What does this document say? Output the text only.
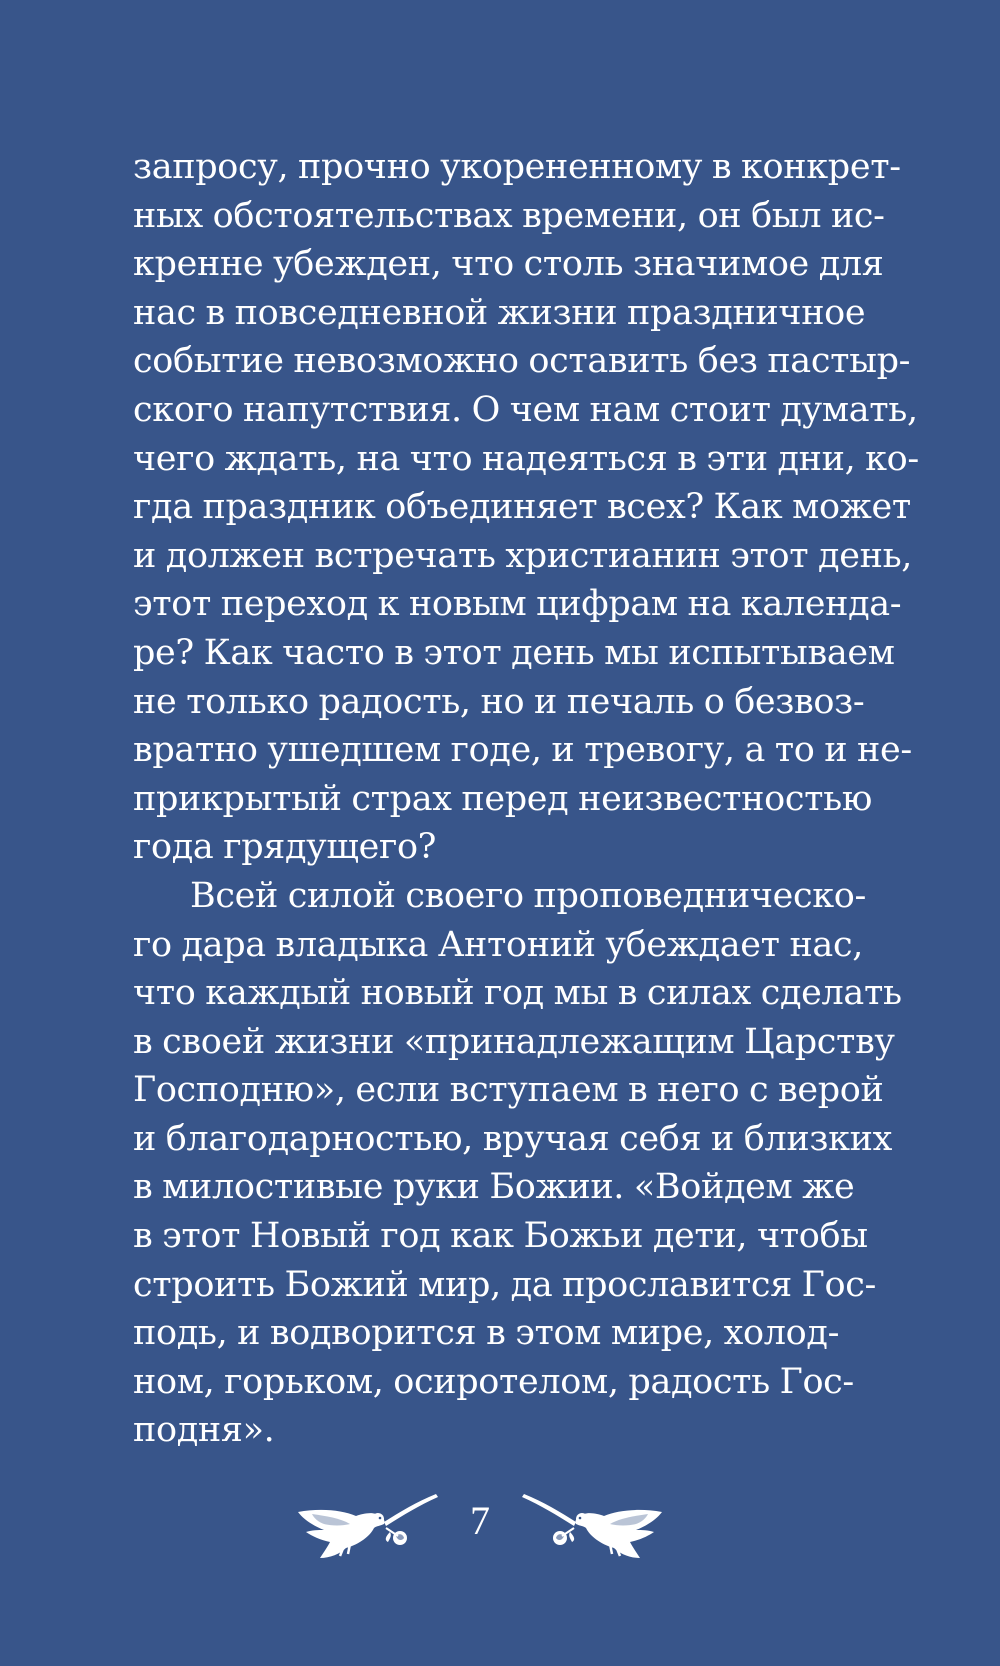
запросу, прочно укорененному в конкрет-
ных обстоятельствах времени, он был ис-
кренне убежден, что столь значимое для
нас в повседневной жизни праздничное
событие невозможно оставить без пастыр-
ского напутствия. О чем нам стоит думать,
чего ждать, на что надеяться в эти дни, ко-
гда праздник объединяет всех? Как может
и должен встречать христианин этот день,
этот переход к новым цифрам на календа-
ре? Как часто в этот день мы испытываем
не только радость, но и печаль о безвоз-
вратно ушедшем годе, и тревогу, а то и не-
прикрытый страх перед неизвестностью
года грядущего?
Всей силой своего проповедническо-
го дара владыка Антоний убеждает нас,
что каждый новый год мы в силах сделать
в своей жизни «принадлежащим Царству
Господню», если вступаем в него с верой
и благодарностью, вручая себя и близких
в милостивые руки Божии. «Войдем же
в этот Новый год как Божьи дети, чтобы
строить Божий мир, да прославится Гос-
подь, и водворится в этом мире, холод-
ном, горьком, осиротелом, радость Гос-
подня».
7
